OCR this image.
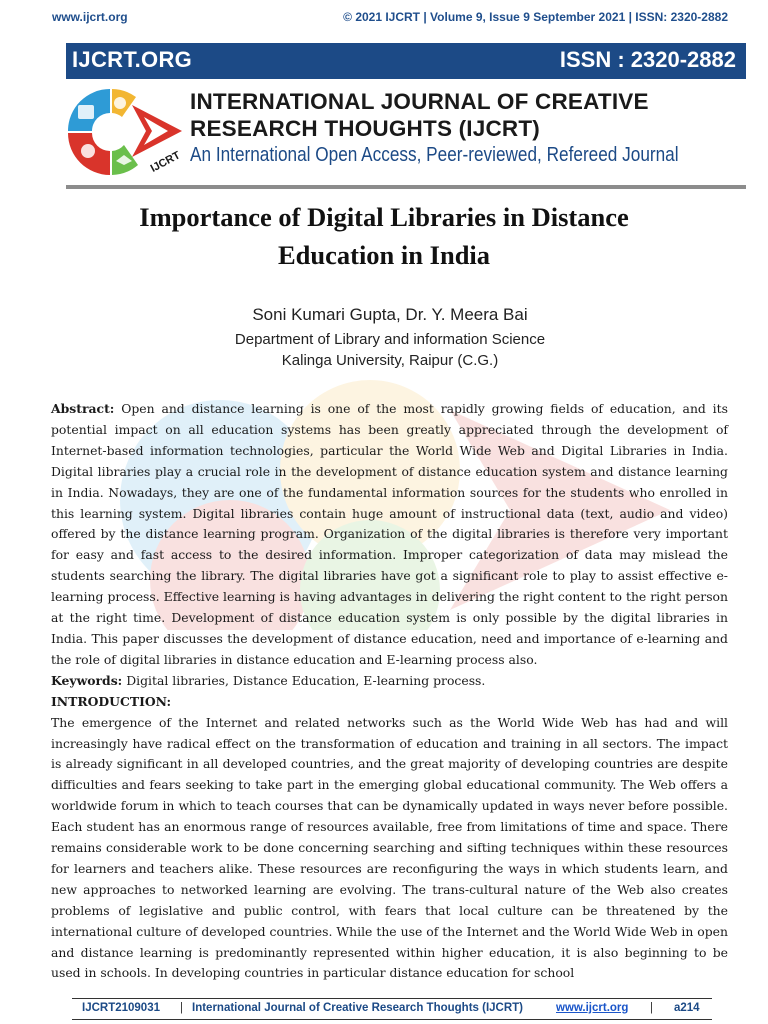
www.ijcrt.org	© 2021 IJCRT | Volume 9, Issue 9 September 2021 | ISSN: 2320-2882
IJCRT.ORG	ISSN : 2320-2882
IJCRT
INTERNATIONAL JOURNAL OF CREATIVE
RESEARCH THOUGHTS (IJCRT)
An International Open Access, Peer-reviewed, Refereed Journal
Importance of Digital Libraries in Distance
Education in India
Soni Kumari Gupta, Dr. Y. Meera Bai
Department of Library and information Science
Kalinga University, Raipur (C.G.)

Abstract: Open and distance learning is one of the most rapidly growing fields of education, and its potential impact on all education systems has been greatly appreciated through the development of Internet-based information technologies, particular the World Wide Web and Digital Libraries in India. Digital libraries play a crucial role in the development of distance education system and distance learning in India. Nowadays, they are one of the fundamental information sources for the students who enrolled in this learning system. Digital libraries contain huge amount of instructional data (text, audio and video) offered by the distance learning program. Organization of the digital libraries is therefore very important for easy and fast access to the desired information. Improper categorization of data may mislead the students searching the library. The digital libraries have got a significant role to play to assist effective e-learning process. Effective learning is having advantages in delivering the right content to the right person at the right time. Development of distance education system is only possible by the digital libraries in India. This paper discusses the development of distance education, need and importance of e-learning and the role of digital libraries in distance education and E-learning process also.

Keywords: Digital libraries, Distance Education, E-learning process.

INTRODUCTION:

The emergence of the Internet and related networks such as the World Wide Web has had and will increasingly have radical effect on the transformation of education and training in all sectors. The impact is already significant in all developed countries, and the great majority of developing countries are despite difficulties and fears seeking to take part in the emerging global educational community. The Web offers a worldwide forum in which to teach courses that can be dynamically updated in ways never before possible. Each student has an enormous range of resources available, free from limitations of time and space. There remains considerable work to be done concerning searching and sifting techniques within these resources for learners and teachers alike. These resources are reconfiguring the ways in which students learn, and new approaches to networked learning are evolving. The trans-cultural nature of the Web also creates problems of legislative and public control, with fears that local culture can be threatened by the international culture of developed countries. While the use of the Internet and the World Wide Web in open and distance learning is predominantly represented within higher education, it is also beginning to be used in schools. In developing countries in particular distance education for school

IJCRT2109031 | International Journal of Creative Research Thoughts (IJCRT)	www.ijcrt.org | a214
